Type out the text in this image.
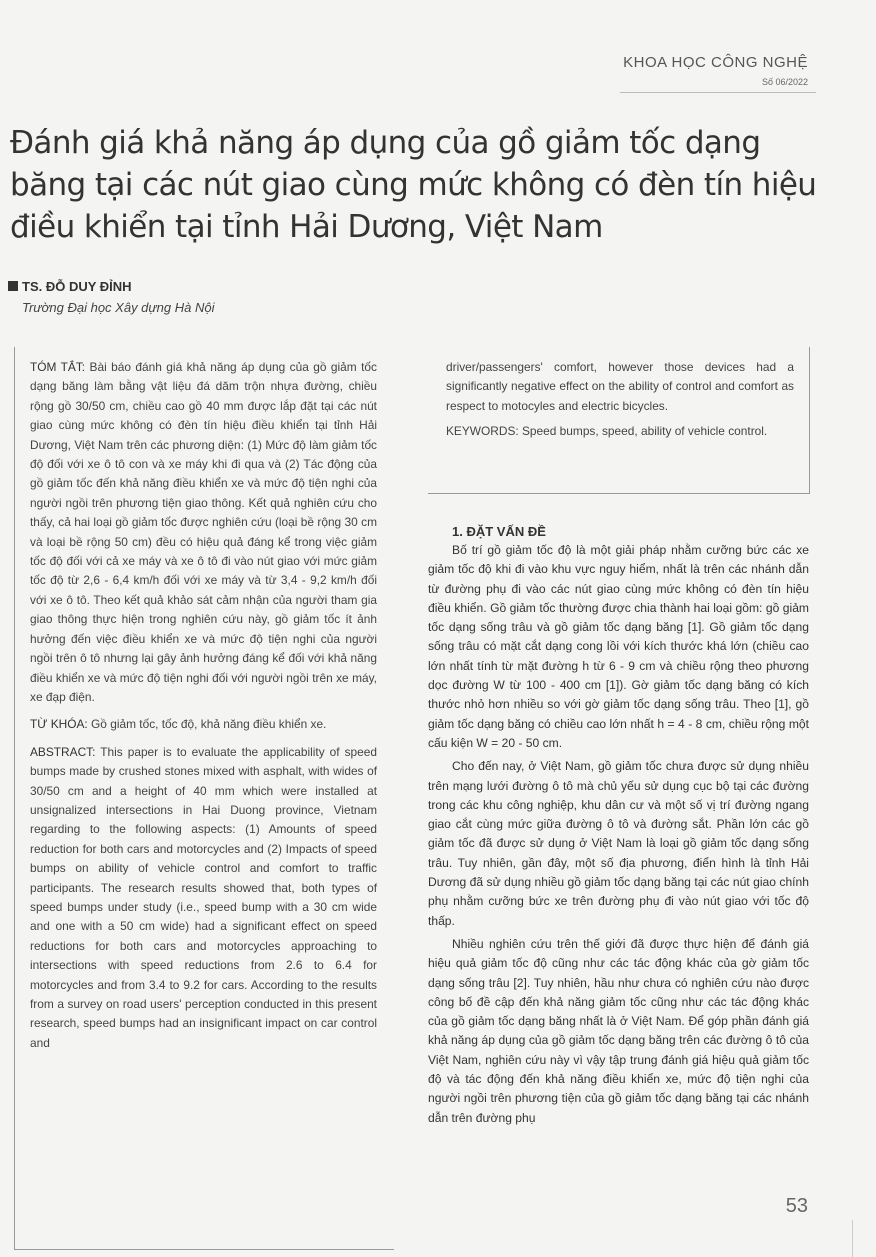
KHOA HỌC CÔNG NGHỆ
Số 06/2022
Đánh giá khả năng áp dụng của gồ giảm tốc dạng băng tại các nút giao cùng mức không có đèn tín hiệu điều khiển tại tỉnh Hải Dương, Việt Nam
TS. ĐỖ DUY ĐỈNH
Trường Đại học Xây dựng Hà Nội

TÓM TẮT: Bài báo đánh giá khả năng áp dụng của gồ giảm tốc dạng băng làm bằng vật liệu đá dăm trộn nhựa đường, chiều rộng gồ 30/50 cm, chiều cao gồ 40 mm được lắp đặt tại các nút giao cùng mức không có đèn tín hiệu điều khiển tại tỉnh Hải Dương, Việt Nam trên các phương diện: (1) Mức độ làm giảm tốc độ đối với xe ô tô con và xe máy khi đi qua và (2) Tác động của gồ giảm tốc đến khả năng điều khiển xe và mức độ tiện nghi của người ngồi trên phương tiện giao thông. Kết quả nghiên cứu cho thấy, cả hai loại gồ giảm tốc được nghiên cứu (loại bề rộng 30 cm và loại bề rộng 50 cm) đều có hiệu quả đáng kể trong việc giảm tốc độ đối với cả xe máy và xe ô tô đi vào nút giao với mức giảm tốc độ từ 2,6 - 6,4 km/h đối với xe máy và từ 3,4 - 9,2 km/h đối với xe ô tô. Theo kết quả khảo sát cảm nhận của người tham gia giao thông thực hiện trong nghiên cứu này, gồ giảm tốc ít ảnh hưởng đến việc điều khiển xe và mức độ tiện nghi của người ngồi trên ô tô nhưng lại gây ảnh hưởng đáng kể đối với khả năng điều khiển xe và mức độ tiện nghi đối với người ngồi trên xe máy, xe đạp điện.

TỪ KHÓA: Gồ giảm tốc, tốc độ, khả năng điều khiển xe.

ABSTRACT: This paper is to evaluate the applicability of speed bumps made by crushed stones mixed with asphalt, with wides of 30/50 cm and a height of 40 mm which were installed at unsignalized intersections in Hai Duong province, Vietnam regarding to the following aspects: (1) Amounts of speed reduction for both cars and motorcycles and (2) Impacts of speed bumps on ability of vehicle control and comfort to traffic participants. The research results showed that, both types of speed bumps under study (i.e., speed bump with a 30 cm wide and one with a 50 cm wide) had a significant effect on speed reductions for both cars and motorcycles approaching to intersections with speed reductions from 2.6 to 6.4 for motorcycles and from 3.4 to 9.2 for cars. According to the results from a survey on road users' perception conducted in this present research, speed bumps had an insignificant impact on car control and

driver/passengers' comfort, however those devices had a significantly negative effect on the ability of control and comfort as respect to motocyles and electric bicycles.

KEYWORDS: Speed bumps, speed, ability of vehicle control.

1. ĐẶT VẤN ĐỀ

Bố trí gồ giảm tốc độ là một giải pháp nhằm cưỡng bức các xe giảm tốc độ khi đi vào khu vực nguy hiểm, nhất là trên các nhánh dẫn từ đường phụ đi vào các nút giao cùng mức không có đèn tín hiệu điều khiển. Gồ giảm tốc thường được chia thành hai loại gồm: gồ giảm tốc dạng sống trâu và gồ giảm tốc dạng băng [1]. Gồ giảm tốc dạng sống trâu có mặt cắt dạng cong lồi với kích thước khá lớn (chiều cao lớn nhất tính từ mặt đường h từ 6 - 9 cm và chiều rộng theo phương dọc đường W từ 100 - 400 cm [1]). Gờ giảm tốc dạng băng có kích thước nhỏ hơn nhiều so với gờ giảm tốc dạng sống trâu. Theo [1], gồ giảm tốc dạng băng có chiều cao lớn nhất h = 4 - 8 cm, chiều rộng một cấu kiện W = 20 - 50 cm.

Cho đến nay, ở Việt Nam, gồ giảm tốc chưa được sử dụng nhiều trên mạng lưới đường ô tô mà chủ yếu sử dụng cục bộ tại các đường trong các khu công nghiệp, khu dân cư và một số vị trí đường ngang giao cắt cùng mức giữa đường ô tô và đường sắt. Phần lớn các gồ giảm tốc đã được sử dụng ở Việt Nam là loại gồ giảm tốc dạng sống trâu. Tuy nhiên, gần đây, một số địa phương, điển hình là tỉnh Hải Dương đã sử dụng nhiều gồ giảm tốc dạng băng tại các nút giao chính phụ nhằm cưỡng bức xe trên đường phụ đi vào nút giao với tốc độ thấp.

Nhiều nghiên cứu trên thế giới đã được thực hiện để đánh giá hiệu quả giảm tốc độ cũng như các tác động khác của gờ giảm tốc dạng sống trâu [2]. Tuy nhiên, hầu như chưa có nghiên cứu nào được công bố đề cập đến khả năng giảm tốc cũng như các tác động khác của gồ giảm tốc dạng băng nhất là ở Việt Nam. Để góp phần đánh giá khả năng áp dụng của gồ giảm tốc dạng băng trên các đường ô tô của Việt Nam, nghiên cứu này vì vậy tập trung đánh giá hiệu quả giảm tốc độ và tác động đến khả năng điều khiển xe, mức độ tiện nghi của người ngồi trên phương tiện của gồ giảm tốc dạng băng tại các nhánh dẫn trên đường phụ

53
